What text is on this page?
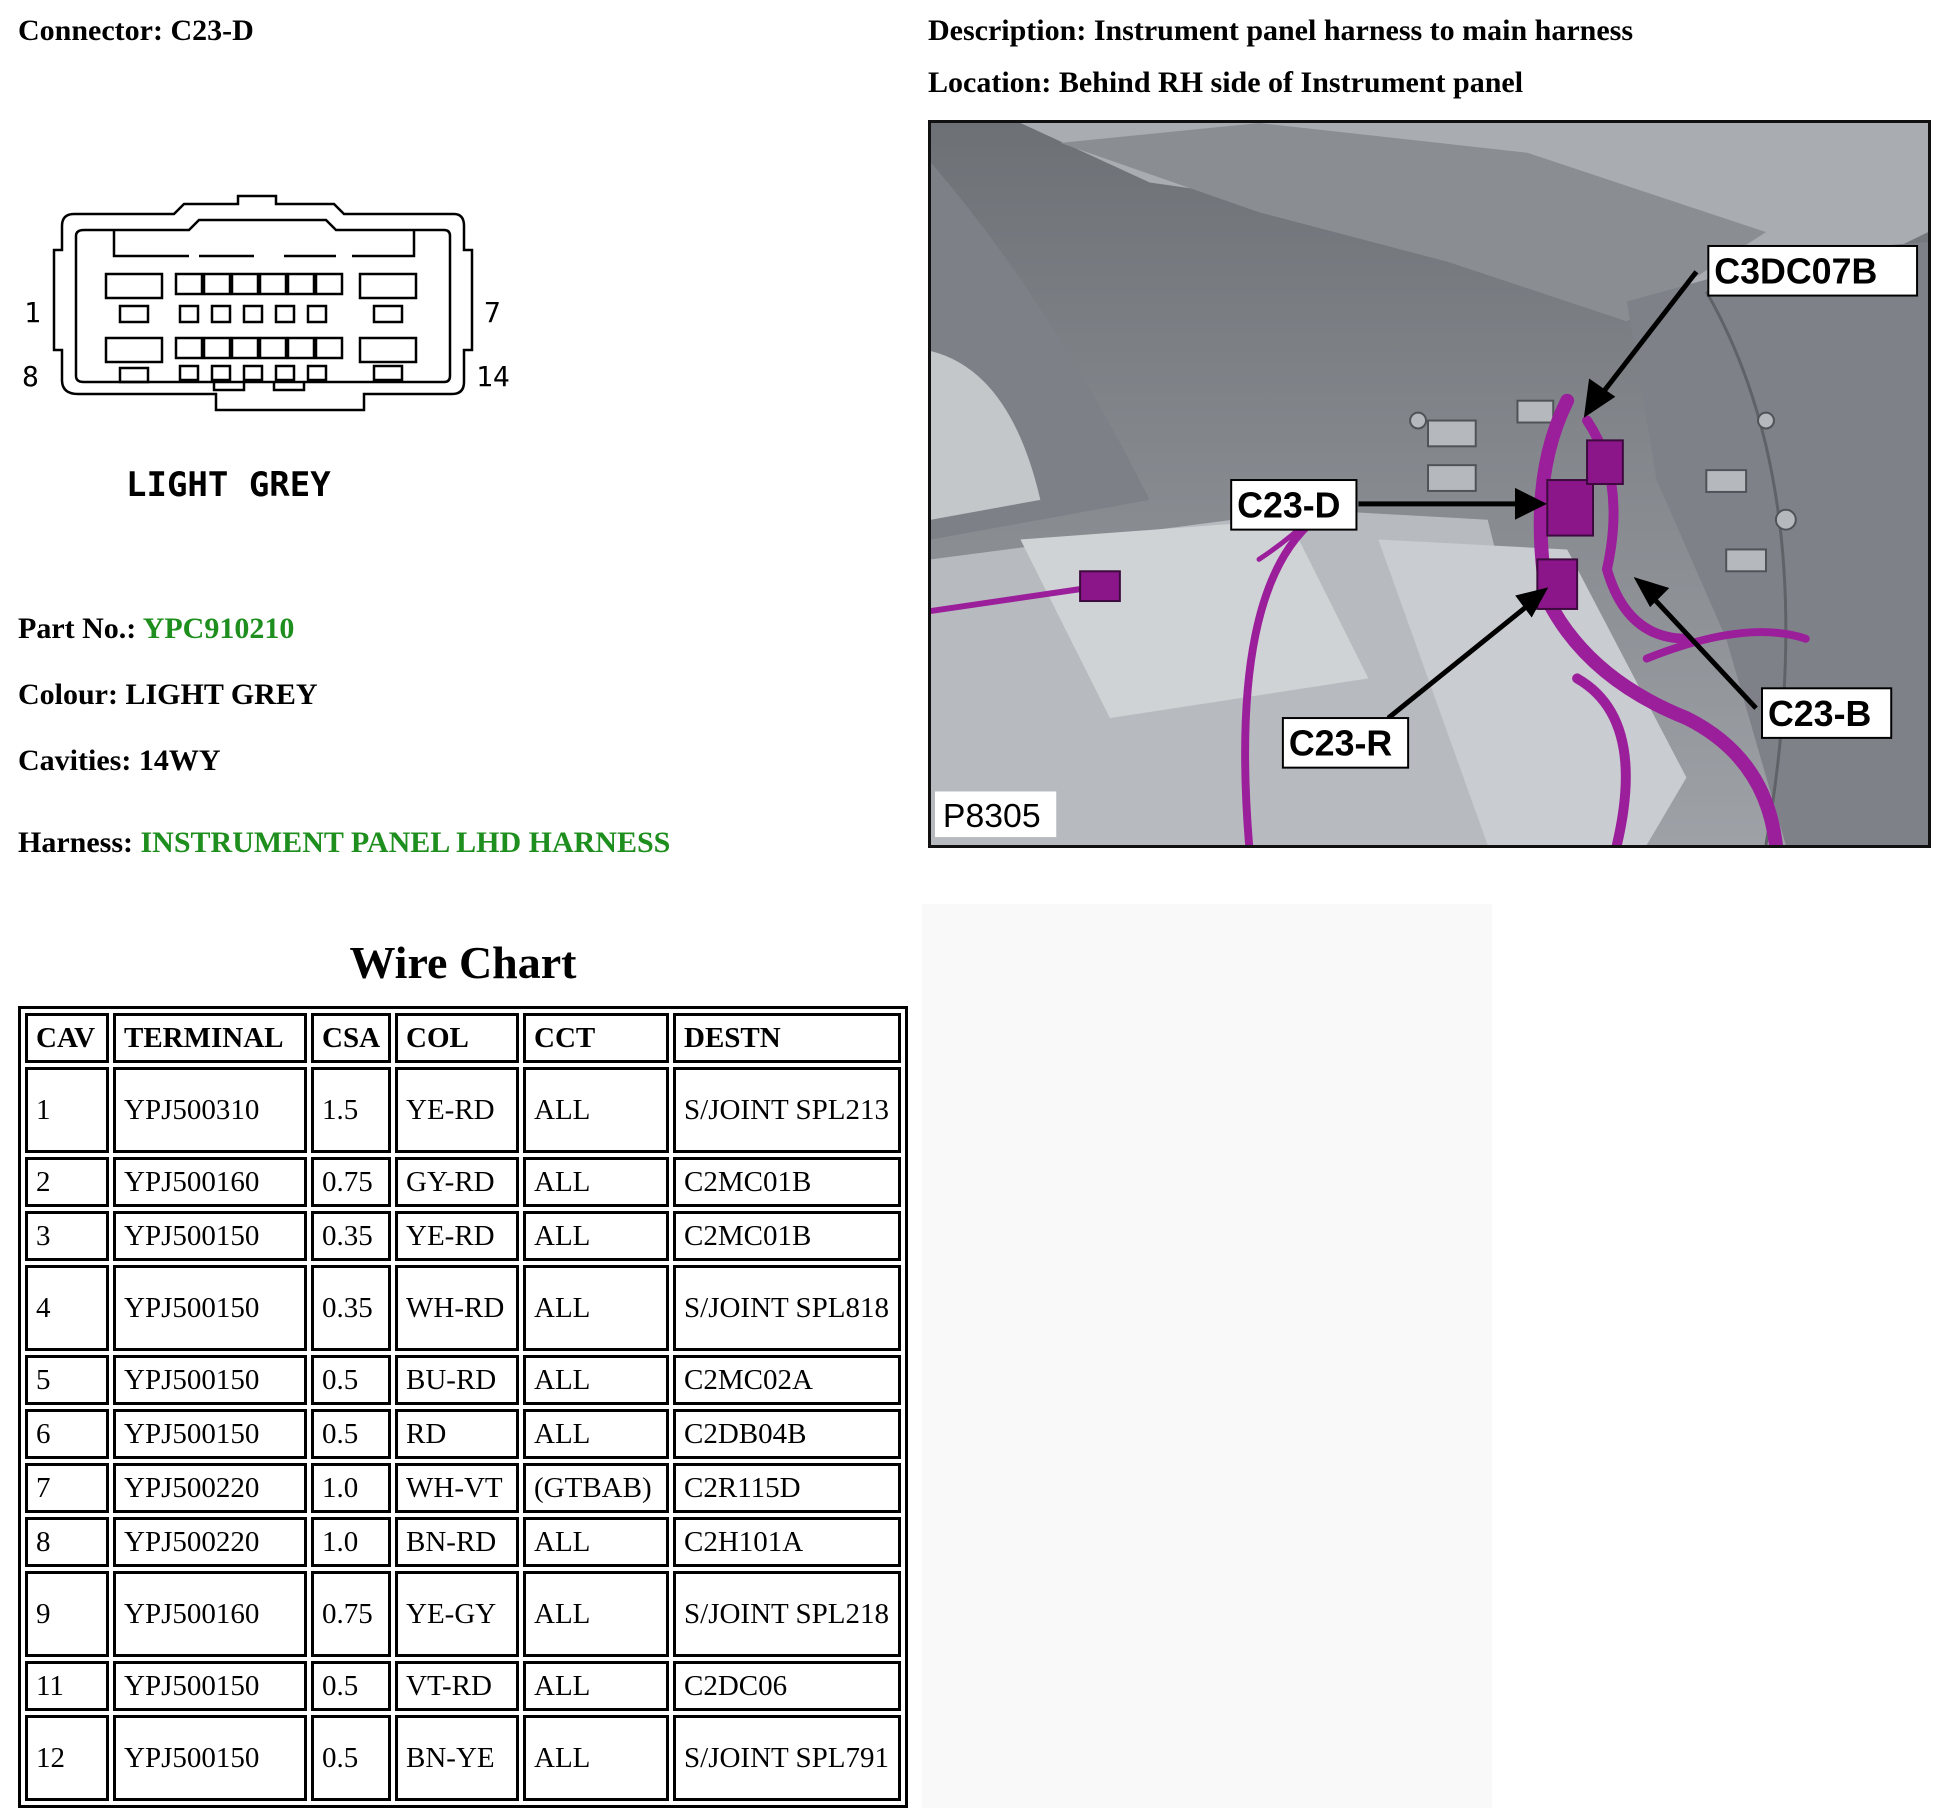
Connector: C23-D	Description: Instrument panel harness to main harness
Location: Behind RH side of Instrument panel
1	7
8	14
LIGHT GREY
C3DC07B
C23-D
C23-R
C23-B
P8305
Part No.: YPC910210
Colour: LIGHT GREY
Cavities: 14WY
Harness: INSTRUMENT PANEL LHD HARNESS
Wire Chart
CAV	TERMINAL	CSA	COL	CCT	DESTN
1	YPJ500310	1.5	YE-RD	ALL	S/JOINT SPL213
2	YPJ500160	0.75	GY-RD	ALL	C2MC01B
3	YPJ500150	0.35	YE-RD	ALL	C2MC01B
4	YPJ500150	0.35	WH-RD	ALL	S/JOINT SPL818
5	YPJ500150	0.5	BU-RD	ALL	C2MC02A
6	YPJ500150	0.5	RD	ALL	C2DB04B
7	YPJ500220	1.0	WH-VT	(GTBAB)	C2R115D
8	YPJ500220	1.0	BN-RD	ALL	C2H101A
9	YPJ500160	0.75	YE-GY	ALL	S/JOINT SPL218
11	YPJ500150	0.5	VT-RD	ALL	C2DC06
12	YPJ500150	0.5	BN-YE	ALL	S/JOINT SPL791
